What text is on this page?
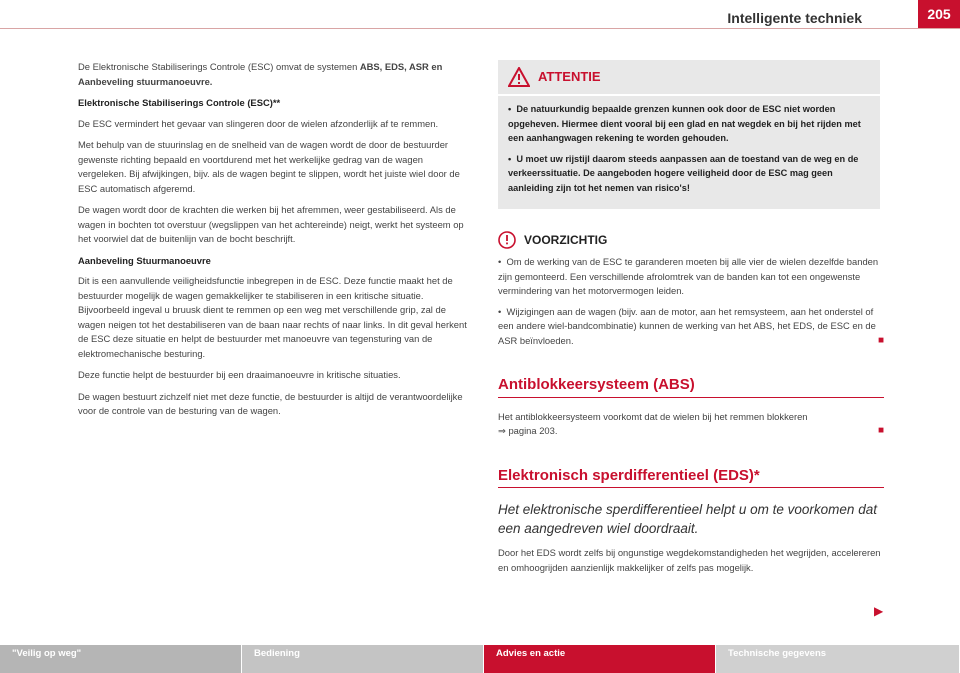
Intelligente techniek	205

De Elektronische Stabiliserings Controle (ESC) omvat de systemen ABS, EDS, ASR en Aanbeveling stuurmanoeuvre.

Elektronische Stabiliserings Controle (ESC)**

De ESC vermindert het gevaar van slingeren door de wielen afzonderlijk af te remmen.

Met behulp van de stuurinslag en de snelheid van de wagen wordt de door de bestuurder gewenste richting bepaald en voortdurend met het werkelijke gedrag van de wagen vergeleken. Bij afwijkingen, bijv. als de wagen begint te slippen, wordt het juiste wiel door de ESC automatisch afgeremd.

De wagen wordt door de krachten die werken bij het afremmen, weer gestabiliseerd. Als de wagen in bochten tot overstuur (wegslippen van het achtereinde) neigt, werkt het systeem op het voorwiel dat de buitenlijn van de bocht beschrijft.

Aanbeveling Stuurmanoeuvre

Dit is een aanvullende veiligheidsfunctie inbegrepen in de ESC. Deze functie maakt het de bestuurder mogelijk de wagen gemakkelijker te stabiliseren in een kritische situatie. Bijvoorbeeld ingeval u bruusk dient te remmen op een weg met verschillende grip, zal de wagen neigen tot het destabiliseren van de baan naar rechts of naar links. In dit geval herkent de ESC deze situatie en helpt de bestuurder met manoeuvre van tegensturing van de elektromechanische besturing.

Deze functie helpt de bestuurder bij een draaimanoeuvre in kritische situaties.

De wagen bestuurt zichzelf niet met deze functie, de bestuurder is altijd de verantwoordelijke voor de controle van de besturing van de wagen.

ATTENTIE

•  De natuurkundig bepaalde grenzen kunnen ook door de ESC niet worden opgeheven. Hiermee dient vooral bij een glad en nat wegdek en bij het rijden met een aanhangwagen rekening te worden gehouden.

•  U moet uw rijstijl daarom steeds aanpassen aan de toestand van de weg en de verkeerssituatie. De aangeboden hogere veiligheid door de ESC mag geen aanleiding zijn tot het nemen van risico's!

VOORZICHTIG

•  Om de werking van de ESC te garanderen moeten bij alle vier de wielen dezelfde banden zijn gemonteerd. Een verschillende afrolomtrek van de banden kan tot een ongewenste vermindering van het motorvermogen leiden.

•  Wijzigingen aan de wagen (bijv. aan de motor, aan het remsysteem, aan het onderstel of een andere wiel-bandcombinatie) kunnen de werking van het ABS, het EDS, de ESC en de ASR beïnvloeden.	■

Antiblokkeersysteem (ABS)

Het antiblokkeersysteem voorkomt dat de wielen bij het remmen blokkeren
⇒ pagina 203.	■

Elektronisch sperdifferentieel (EDS)*

Het elektronische sperdifferentieel helpt u om te voorkomen dat een aangedreven wiel doordraait.

Door het EDS wordt zelfs bij ongunstige wegdekomstandigheden het wegrijden, accelereren en omhoogrijden aanzienlijk makkelijker of zelfs pas mogelijk.

▶
"Veilig op weg"	Bediening	Advies en actie	Technische gegevens
